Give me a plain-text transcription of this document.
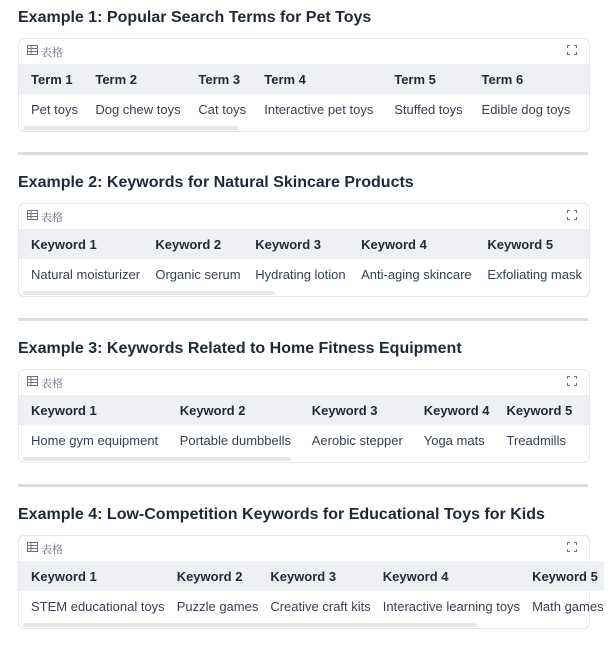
Example 1: Popular Search Terms for Pet Toys
表格
Term 1	Term 2	Term 3	Term 4	Term 5	Term 6
Pet toys	Dog chew toys	Cat toys	Interactive pet toys	Stuffed toys	Edible dog toys
Example 2: Keywords for Natural Skincare Products
表格
Keyword 1	Keyword 2	Keyword 3	Keyword 4	Keyword 5
Natural moisturizer	Organic serum	Hydrating lotion	Anti-aging skincare	Exfoliating mask
Example 3: Keywords Related to Home Fitness Equipment
表格
Keyword 1	Keyword 2	Keyword 3	Keyword 4	Keyword 5
Home gym equipment	Portable dumbbells	Aerobic stepper	Yoga mats	Treadmills
Example 4: Low-Competition Keywords for Educational Toys for Kids
表格
Keyword 1	Keyword 2	Keyword 3	Keyword 4	Keyword 5
STEM educational toys	Puzzle games	Creative craft kits	Interactive learning toys	Math games
